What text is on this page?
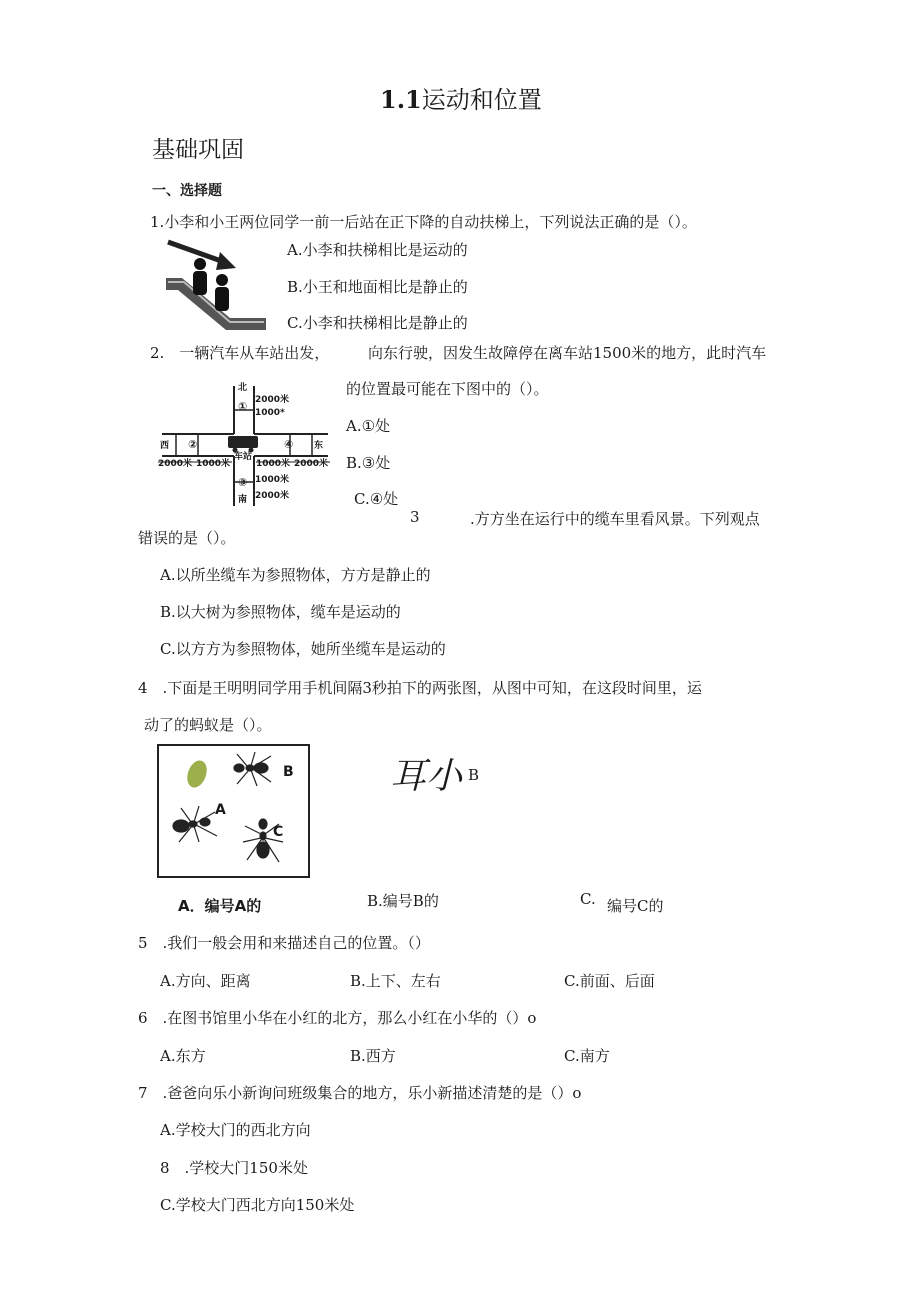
1.1运动和位置
基础巩固
一、选择题
1.小李和小王两位同学一前一后站在正下降的自动扶梯上，下列说法正确的是（）。
A.小李和扶梯相比是运动的
B.小王和地面相比是静止的
C.小李和扶梯相比是静止的
2.　一辆汽车从车站出发，	向东行驶，因发生故障停在离车站1500米的地方，此时汽车
的位置最可能在下图中的（）。
北
① 2000米
1000*
西 ②	④ 东
车站
2000米 1000米	1000米 2000米
1000米
③
南 2000米
A.①处
B.③处
C.④处
3	.方方坐在运行中的缆车里看风景。下列观点
错误的是（）。
A.以所坐缆车为参照物体，方方是静止的
B.以大树为参照物体，缆车是运动的
C.以方方为参照物体，她所坐缆车是运动的
4　.下面是王明明同学用手机间隔3秒拍下的两张图，从图中可知，在这段时间里，运
动了的蚂蚁是（）。
B
A
C
耳小 B
A．编号A的	B.编号B的	C. 编号C的
5　.我们一般会用和来描述自己的位置。（）
A.方向、距离	B.上下、左右	C.前面、后面
6　.在图书馆里小华在小红的北方，那么小红在小华的（）o
A.东方	B.西方	C.南方
7　.爸爸向乐小新询问班级集合的地方，乐小新描述清楚的是（）o
A.学校大门的西北方向
8　.学校大门150米处
C.学校大门西北方向150米处
